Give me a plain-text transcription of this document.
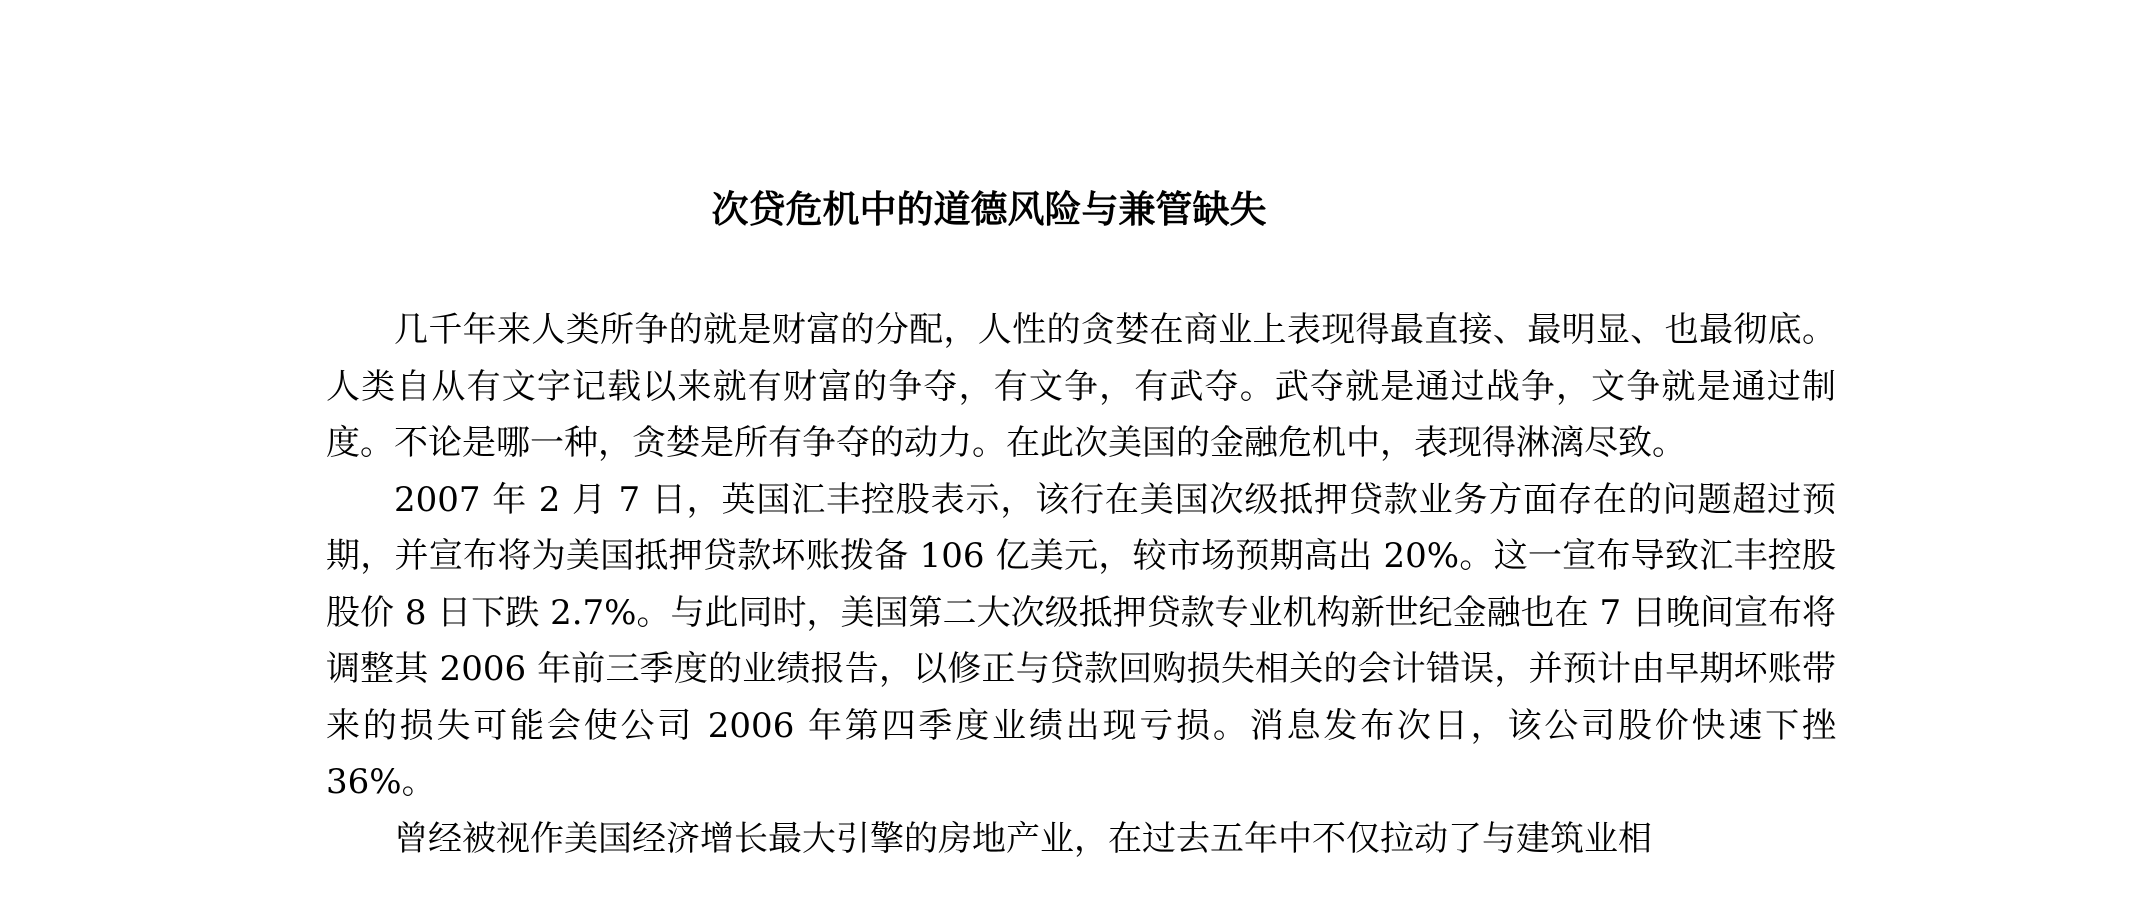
次贷危机中的道德风险与兼管缺失

几千年来人类所争的就是财富的分配，人性的贪婪在商业上表现得最直接、最明显、也最彻底。人类自从有文字记载以来就有财富的争夺，有文争，有武夺。武夺就是通过战争，文争就是通过制度。不论是哪一种，贪婪是所有争夺的动力。在此次美国的金融危机中，表现得淋漓尽致。

2007 年 2 月 7 日，英国汇丰控股表示，该行在美国次级抵押贷款业务方面存在的问题超过预期，并宣布将为美国抵押贷款坏账拨备 106 亿美元，较市场预期高出 20%。这一宣布导致汇丰控股股价 8 日下跌 2.7%。与此同时，美国第二大次级抵押贷款专业机构新世纪金融也在 7 日晚间宣布将调整其 2006 年前三季度的业绩报告，以修正与贷款回购损失相关的会计错误，并预计由早期坏账带来的损失可能会使公司 2006 年第四季度业绩出现亏损。消息发布次日，该公司股价快速下挫 36%。

曾经被视作美国经济增长最大引擎的房地产业，在过去五年中不仅拉动了与建筑业相
